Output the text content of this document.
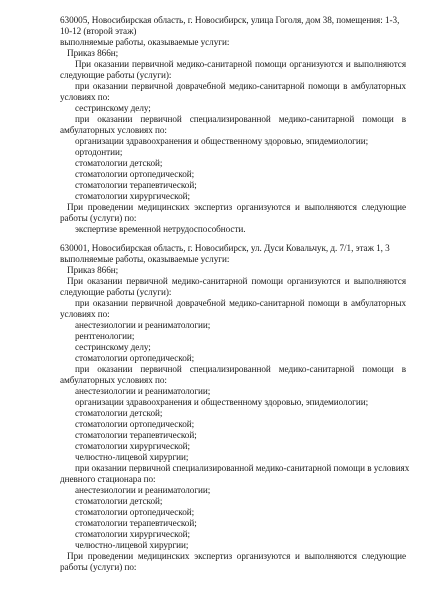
630005, Новосибирская область, г. Новосибирск, улица Гоголя, дом 38, помещения: 1-3,
10-12 (второй этаж)
выполняемые работы, оказываемые услуги:
Приказ 866н;
При оказании первичной медико-санитарной помощи организуются и выполняются
следующие работы (услуги):
при оказании первичной доврачебной медико-санитарной помощи в амбулаторных
условиях по:
сестринскому делу;
при оказании первичной специализированной медико-санитарной помощи в
амбулаторных условиях по:
организации здравоохранения и общественному здоровью, эпидемиологии;
ортодонтии;
стоматологии детской;
стоматологии ортопедической;
стоматологии терапевтической;
стоматологии хирургической;
При проведении медицинских экспертиз организуются и выполняются следующие
работы (услуги) по:
экспертизе временной нетрудоспособности.
630001, Новосибирская область, г. Новосибирск, ул. Дуси Ковальчук, д. 7/1, этаж 1, 3
выполняемые работы, оказываемые услуги:
Приказ 866н;
При оказании первичной медико-санитарной помощи организуются и выполняются
следующие работы (услуги):
при оказании первичной доврачебной медико-санитарной помощи в амбулаторных
условиях по:
анестезиологии и реаниматологии;
рентгенологии;
сестринскому делу;
стоматологии ортопедической;
при оказании первичной специализированной медико-санитарной помощи в
амбулаторных условиях по:
анестезиологии и реаниматологии;
организации здравоохранения и общественному здоровью, эпидемиологии;
стоматологии детской;
стоматологии ортопедической;
стоматологии терапевтической;
стоматологии хирургической;
челюстно-лицевой хирургии;
при оказании первичной специализированной медико-санитарной помощи в условиях
дневного стационара по:
анестезиологии и реаниматологии;
стоматологии детской;
стоматологии ортопедической;
стоматологии терапевтической;
стоматологии хирургической;
челюстно-лицевой хирургии;
При проведении медицинских экспертиз организуются и выполняются следующие
работы (услуги) по:
